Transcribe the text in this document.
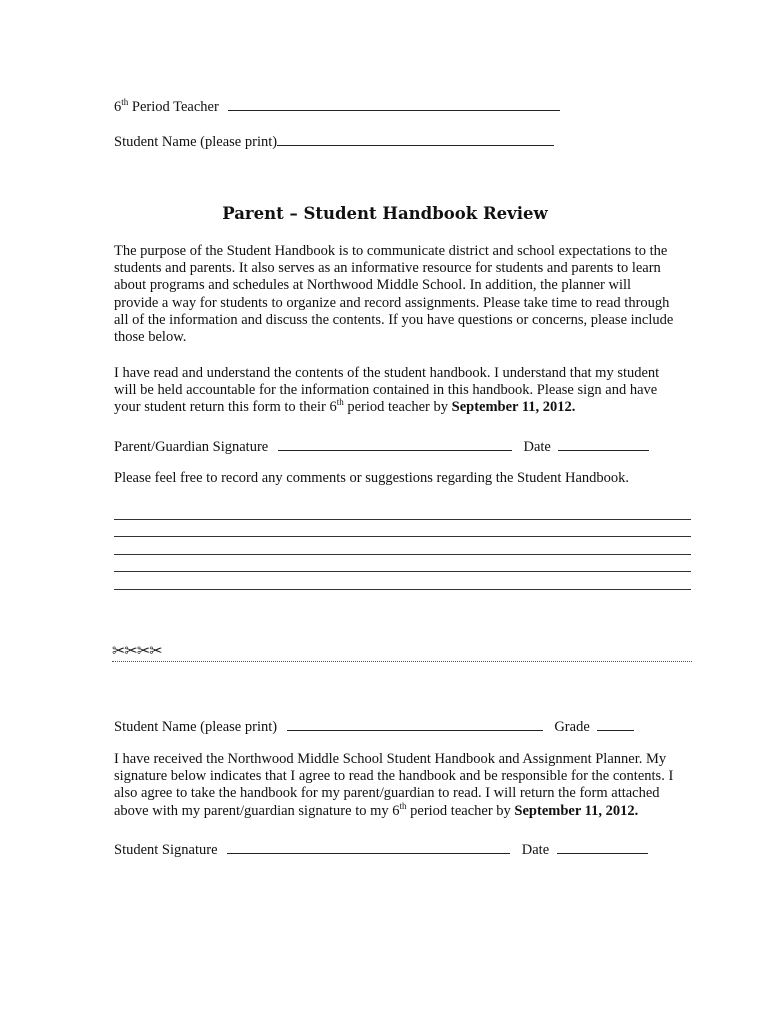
6th Period Teacher
Student Name (please print)
Parent – Student Handbook Review
The purpose of the Student Handbook is to communicate district and school expectations to the
students and parents. It also serves as an informative resource for students and parents to learn
about programs and schedules at Northwood Middle School. In addition, the planner will
provide a way for students to organize and record assignments. Please take time to read through
all of the information and discuss the contents. If you have questions or concerns, please include
those below.
I have read and understand the contents of the student handbook. I understand that my student
will be held accountable for the information contained in this handbook. Please sign and have
your student return this form to their 6th period teacher by September 11, 2012.
Parent/Guardian Signature	Date
Please feel free to record any comments or suggestions regarding the Student Handbook.
✂✂✂✂
Student Name (please print)	Grade
I have received the Northwood Middle School Student Handbook and Assignment Planner. My
signature below indicates that I agree to read the handbook and be responsible for the contents. I
also agree to take the handbook for my parent/guardian to read. I will return the form attached
above with my parent/guardian signature to my 6th period teacher by September 11, 2012.
Student Signature	Date
